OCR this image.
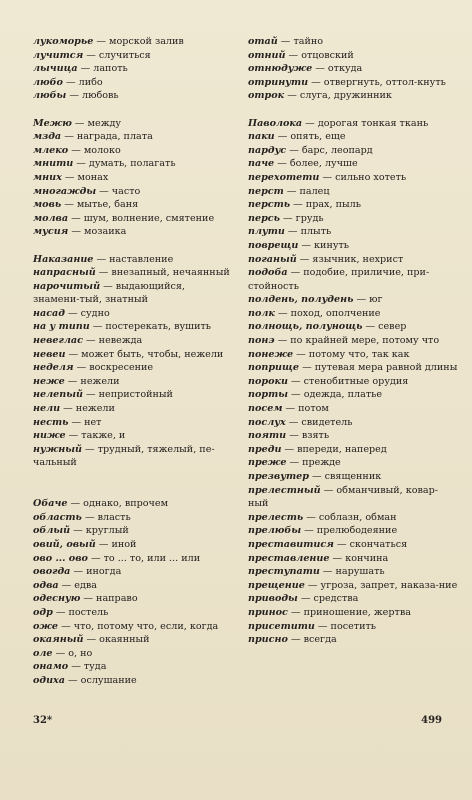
лукоморье — морской залив
лучится — случиться
лычица — лапоть
любо — либо
любы — любовь
Межю — между
мзда — награда, плата
млеко — молоко
мнити — думать, полагать
мних — монах
многажды — часто
мовь — мытье, баня
молва — шум, волнение, смятение
мусия — мозаика
Наказание — наставление
напрасный — внезапный, нечаянный
нарочитый — выдающийся, знамени-тый, знатный
насад — судно
на у типи — постерекать, вушить
невеглас — невежда
невеи — может быть, чтобы, нежели
неделя — воскресение
неже — нежели
нелепый — непристойный
нели — нежели
несть — нет
ниже — также, и
нужный — трудный, тяжелый, пе-чальный
Обаче — однако, впрочем
область — власть
облый — круглый
овий, овый — иной
ово ... ово — то ... то, или ... или
овогда — иногда
одва — едва
одесную — направо
одр — постель
оже — что, потому что, если, когда
окаяный — окаянный
оле — о, но
онамо — туда
одиха — ослушание
отай — тайно
отний — отцовский
отнюдуже — откуда
отринути — отвергнуть, оттол-кнуть
отрок — слуга, дружинник
Паволока — дорогая тонкая ткань
паки — опять, еще
пардус — барс, леопард
паче — более, лучше
перехотети — сильно хотеть
перст — палец
персть — прах, пыль
персь — грудь
плути — плыть
поврещи — кинуть
поганый — язычник, нехрист
подоба — подобие, приличие, при-стойность
полдень, полудень — юг
полк — поход, ополчение
полнощь, полунощь — север
понэ — по крайней мере, потому что
понеже — потому что, так как
поприще — путевая мера равной длины
пороки — стенобитные орудия
порты — одежда, платье
посем — потом
послух — свидетель
пояти — взять
преди — впереди, наперед
преже — прежде
презвутер — священник
прелестный — обманчивый, ковар-ный
прелесть — соблазн, обман
прелюбы — прелюбодеяние
преставитися — скончаться
преставление — кончина
преступати — нарушать
прещение — угроза, запрет, наказа-ние
приводы — средства
принос — приношение, жертва
присетити — посетить
присно — всегда
32*	499
